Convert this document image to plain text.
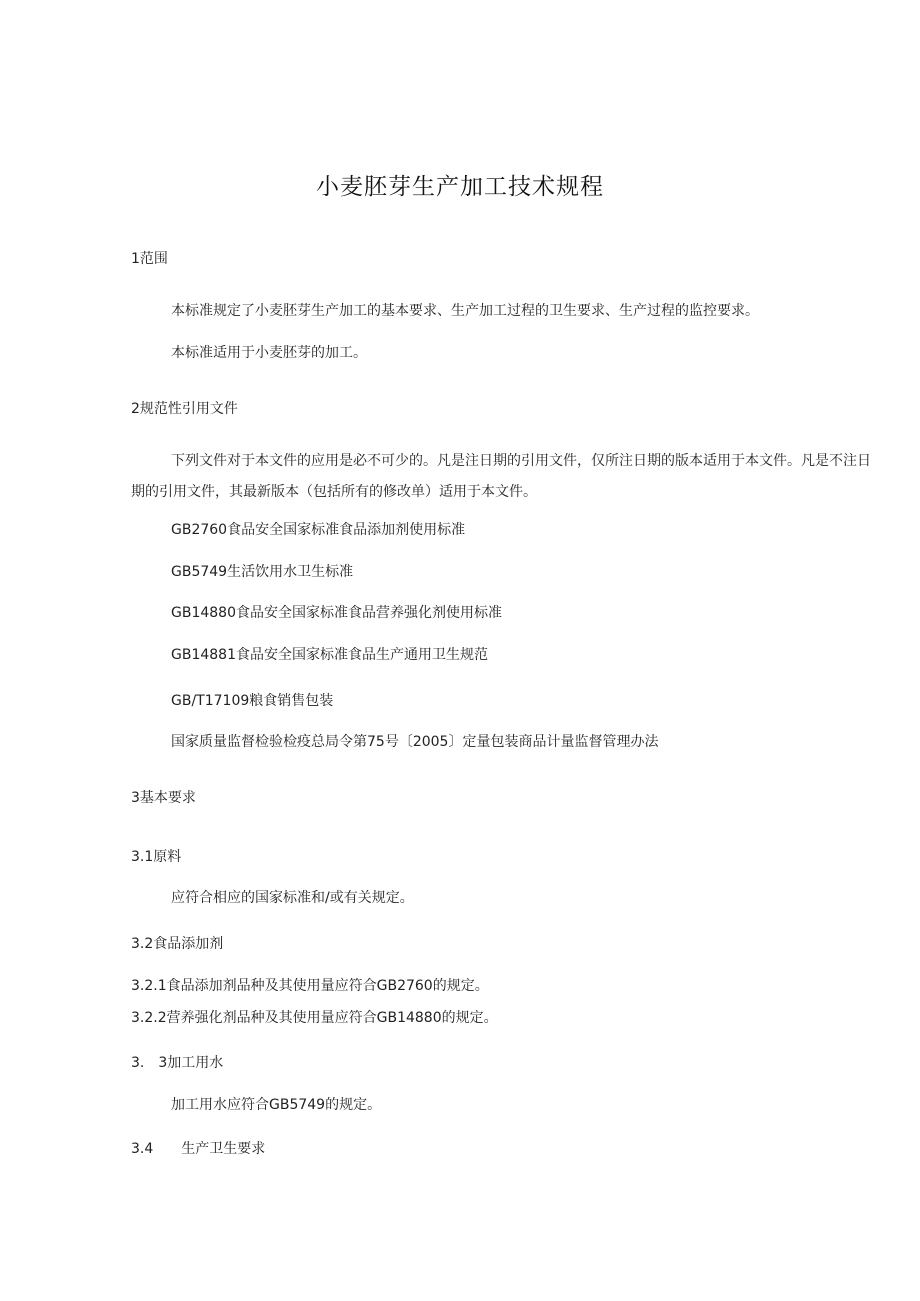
小麦胚芽生产加工技术规程
1范围
本标准规定了小麦胚芽生产加工的基本要求、生产加工过程的卫生要求、生产过程的监控要求。
本标准适用于小麦胚芽的加工。
2规范性引用文件
下列文件对于本文件的应用是必不可少的。凡是注日期的引用文件，仅所注日期的版本适用于本文件。凡是不注日期的引用文件，其最新版本（包括所有的修改单）适用于本文件。
GB2760食品安全国家标准食品添加剂使用标准
GB5749生活饮用水卫生标准
GB14880食品安全国家标准食品营养强化剂使用标准
GB14881食品安全国家标准食品生产通用卫生规范
GB/T17109粮食销售包装
国家质量监督检验检疫总局令第75号〔2005〕定量包装商品计量监督管理办法
3基本要求
3.1原料
应符合相应的国家标准和/或有关规定。
3.2食品添加剂
3.2.1食品添加剂品种及其使用量应符合GB2760的规定。
3.2.2营养强化剂品种及其使用量应符合GB14880的规定。
3.　3加工用水
加工用水应符合GB5749的规定。
3.4　　生产卫生要求
